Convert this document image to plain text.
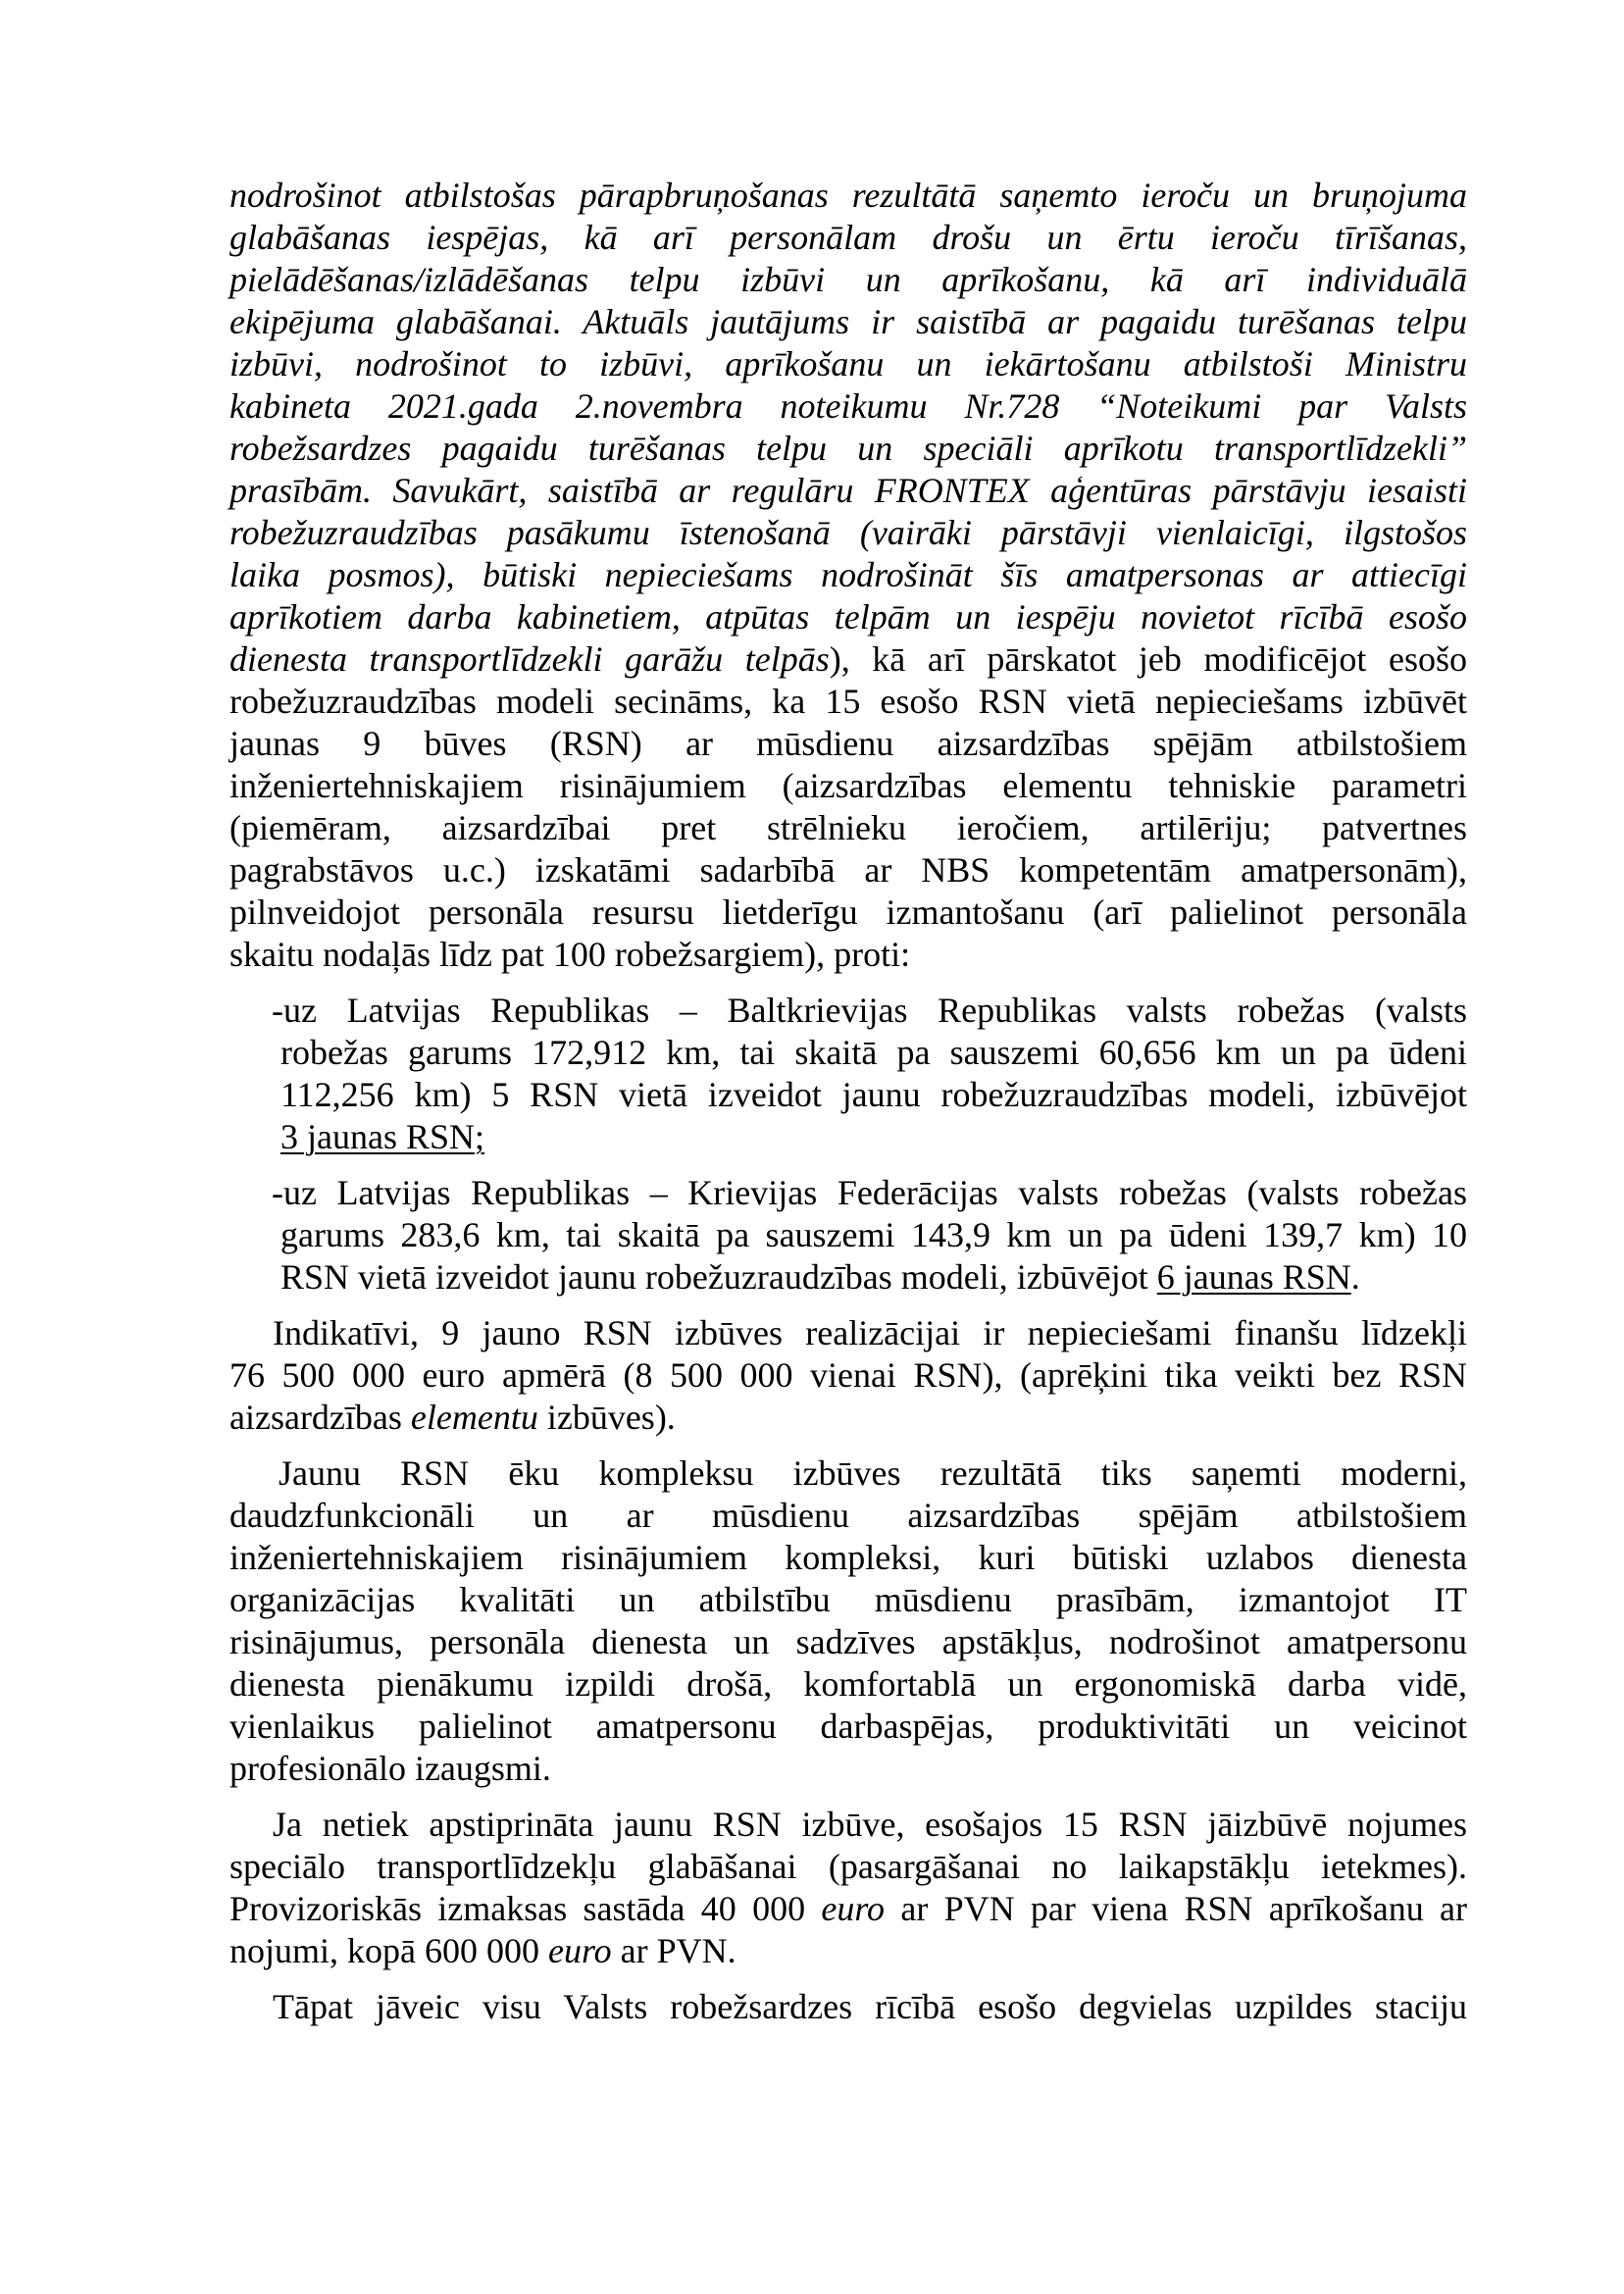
nodrošinot atbilstošas pārapbruņošanas rezultātā saņemto ieroču un bruņojuma
glabāšanas iespējas, kā arī personālam drošu un ērtu ieroču tīrīšanas,
pielādēšanas/izlādēšanas telpu izbūvi un aprīkošanu, kā arī individuālā
ekipējuma glabāšanai. Aktuāls jautājums ir saistībā ar pagaidu turēšanas telpu
izbūvi, nodrošinot to izbūvi, aprīkošanu un iekārtošanu atbilstoši Ministru
kabineta 2021.gada 2.novembra noteikumu Nr.728 “Noteikumi par Valsts
robežsardzes pagaidu turēšanas telpu un speciāli aprīkotu transportlīdzekli”
prasībām. Savukārt, saistībā ar regulāru FRONTEX aģentūras pārstāvju iesaisti
robežuzraudzības pasākumu īstenošanā (vairāki pārstāvji vienlaicīgi, ilgstošos
laika posmos), būtiski nepieciešams nodrošināt šīs amatpersonas ar attiecīgi
aprīkotiem darba kabinetiem, atpūtas telpām un iespēju novietot rīcībā esošo
dienesta transportlīdzekli garāžu telpās), kā arī pārskatot jeb modificējot esošo
robežuzraudzības modeli secināms, ka 15 esošo RSN vietā nepieciešams izbūvēt
jaunas 9 būves (RSN) ar mūsdienu aizsardzības spējām atbilstošiem
inženiertehniskajiem risinājumiem (aizsardzības elementu tehniskie parametri
(piemēram, aizsardzībai pret strēlnieku ieročiem, artilēriju; patvertnes
pagrabstāvos u.c.) izskatāmi sadarbībā ar NBS kompetentām amatpersonām),
pilnveidojot personāla resursu lietderīgu izmantošanu (arī palielinot personāla
skaitu nodaļās līdz pat 100 robežsargiem), proti:
-uz Latvijas Republikas – Baltkrievijas Republikas valsts robežas (valsts
robežas garums 172,912 km, tai skaitā pa sauszemi 60,656 km un pa ūdeni
112,256 km) 5 RSN vietā izveidot jaunu robežuzraudzības modeli, izbūvējot
3 jaunas RSN;
-uz Latvijas Republikas – Krievijas Federācijas valsts robežas (valsts robežas
garums 283,6 km, tai skaitā pa sauszemi 143,9 km un pa ūdeni 139,7 km) 10
RSN vietā izveidot jaunu robežuzraudzības modeli, izbūvējot 6 jaunas RSN.
Indikatīvi, 9 jauno RSN izbūves realizācijai ir nepieciešami finanšu līdzekļi
76 500 000 euro apmērā (8 500 000 vienai RSN), (aprēķini tika veikti bez RSN
aizsardzības elementu izbūves).
Jaunu RSN ēku kompleksu izbūves rezultātā tiks saņemti moderni,
daudzfunkcionāli un ar mūsdienu aizsardzības spējām atbilstošiem
inženiertehniskajiem risinājumiem kompleksi, kuri būtiski uzlabos dienesta
organizācijas kvalitāti un atbilstību mūsdienu prasībām, izmantojot IT
risinājumus, personāla dienesta un sadzīves apstākļus, nodrošinot amatpersonu
dienesta pienākumu izpildi drošā, komfortablā un ergonomiskā darba vidē,
vienlaikus palielinot amatpersonu darbaspējas, produktivitāti un veicinot
profesionālo izaugsmi.
Ja netiek apstiprināta jaunu RSN izbūve, esošajos 15 RSN jāizbūvē nojumes
speciālo transportlīdzekļu glabāšanai (pasargāšanai no laikapstākļu ietekmes).
Provizoriskās izmaksas sastāda 40 000 euro ar PVN par viena RSN aprīkošanu ar
nojumi, kopā 600 000 euro ar PVN.
Tāpat jāveic visu Valsts robežsardzes rīcībā esošo degvielas uzpildes staciju
